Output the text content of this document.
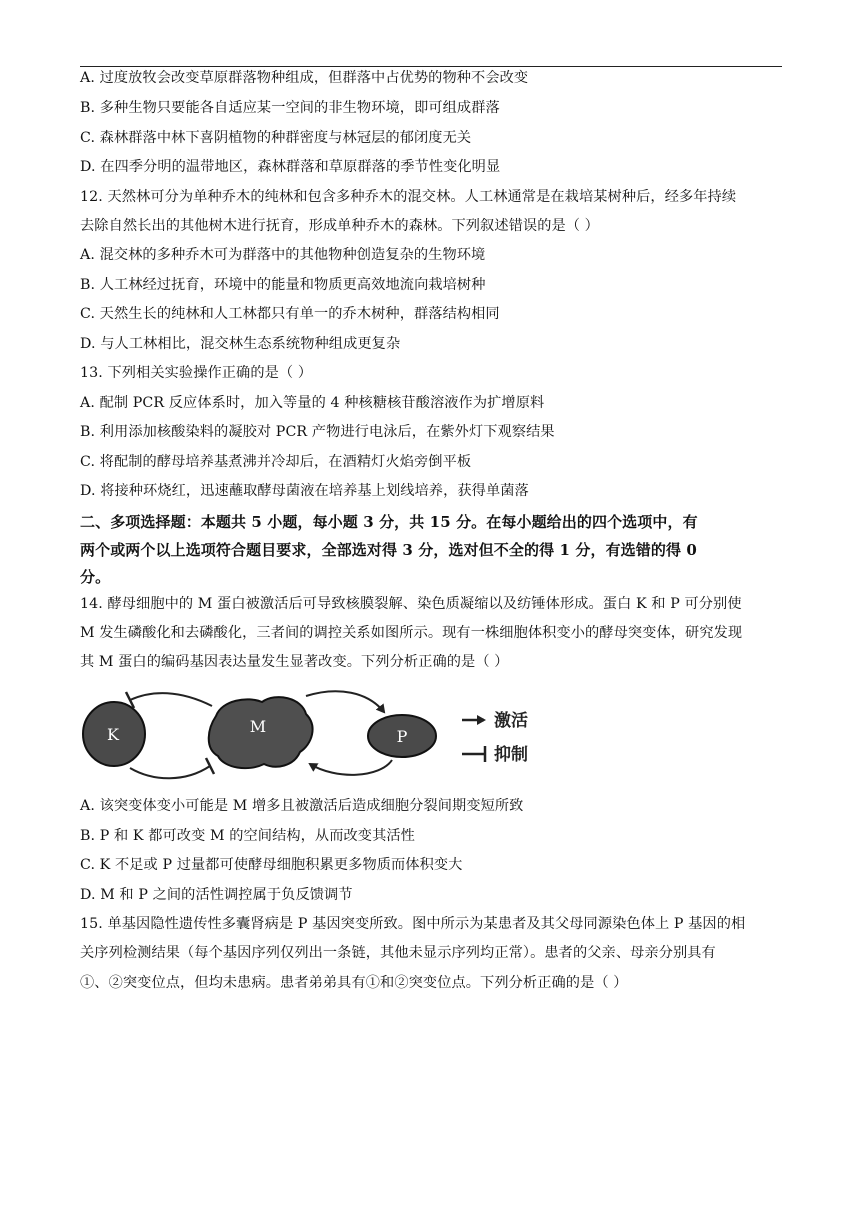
A. 过度放牧会改变草原群落物种组成，但群落中占优势的物种不会改变
B. 多种生物只要能各自适应某一空间的非生物环境，即可组成群落
C. 森林群落中林下喜阴植物的种群密度与林冠层的郁闭度无关
D. 在四季分明的温带地区，森林群落和草原群落的季节性变化明显
12. 天然林可分为单种乔木的纯林和包含多种乔木的混交林。人工林通常是在栽培某树种后，经多年持续
去除自然长出的其他树木进行抚育，形成单种乔木的森林。下列叙述错误的是（ ）
A. 混交林的多种乔木可为群落中的其他物种创造复杂的生物环境
B. 人工林经过抚育，环境中的能量和物质更高效地流向栽培树种
C. 天然生长的纯林和人工林都只有单一的乔木树种，群落结构相同
D. 与人工林相比，混交林生态系统物种组成更复杂
13. 下列相关实验操作正确的是（ ）
A. 配制 PCR 反应体系时，加入等量的 4 种核糖核苷酸溶液作为扩增原料
B. 利用添加核酸染料的凝胶对 PCR 产物进行电泳后，在紫外灯下观察结果
C. 将配制的酵母培养基煮沸并冷却后，在酒精灯火焰旁倒平板
D. 将接种环烧红，迅速蘸取酵母菌液在培养基上划线培养，获得单菌落
二、多项选择题：本题共 5 小题，每小题 3 分，共 15 分。在每小题给出的四个选项中，有
两个或两个以上选项符合题目要求，全部选对得 3 分，选对但不全的得 1 分，有选错的得 0
分。
14. 酵母细胞中的 M 蛋白被激活后可导致核膜裂解、染色质凝缩以及纺锤体形成。蛋白 K 和 P 可分别使
M 发生磷酸化和去磷酸化，三者间的调控关系如图所示。现有一株细胞体积变小的酵母突变体，研究发现
其 M 蛋白的编码基因表达量发生显著改变。下列分析正确的是（ ）
K	M
P
激活
抑制
A. 该突变体变小可能是 M 增多且被激活后造成细胞分裂间期变短所致
B. P 和 K 都可改变 M 的空间结构，从而改变其活性
C. K 不足或 P 过量都可使酵母细胞积累更多物质而体积变大
D. M 和 P 之间的活性调控属于负反馈调节
15. 单基因隐性遗传性多囊肾病是 P 基因突变所致。图中所示为某患者及其父母同源染色体上 P 基因的相
关序列检测结果（每个基因序列仅列出一条链，其他未显示序列均正常）。患者的父亲、母亲分别具有
①、②突变位点，但均未患病。患者弟弟具有①和②突变位点。下列分析正确的是（ ）
